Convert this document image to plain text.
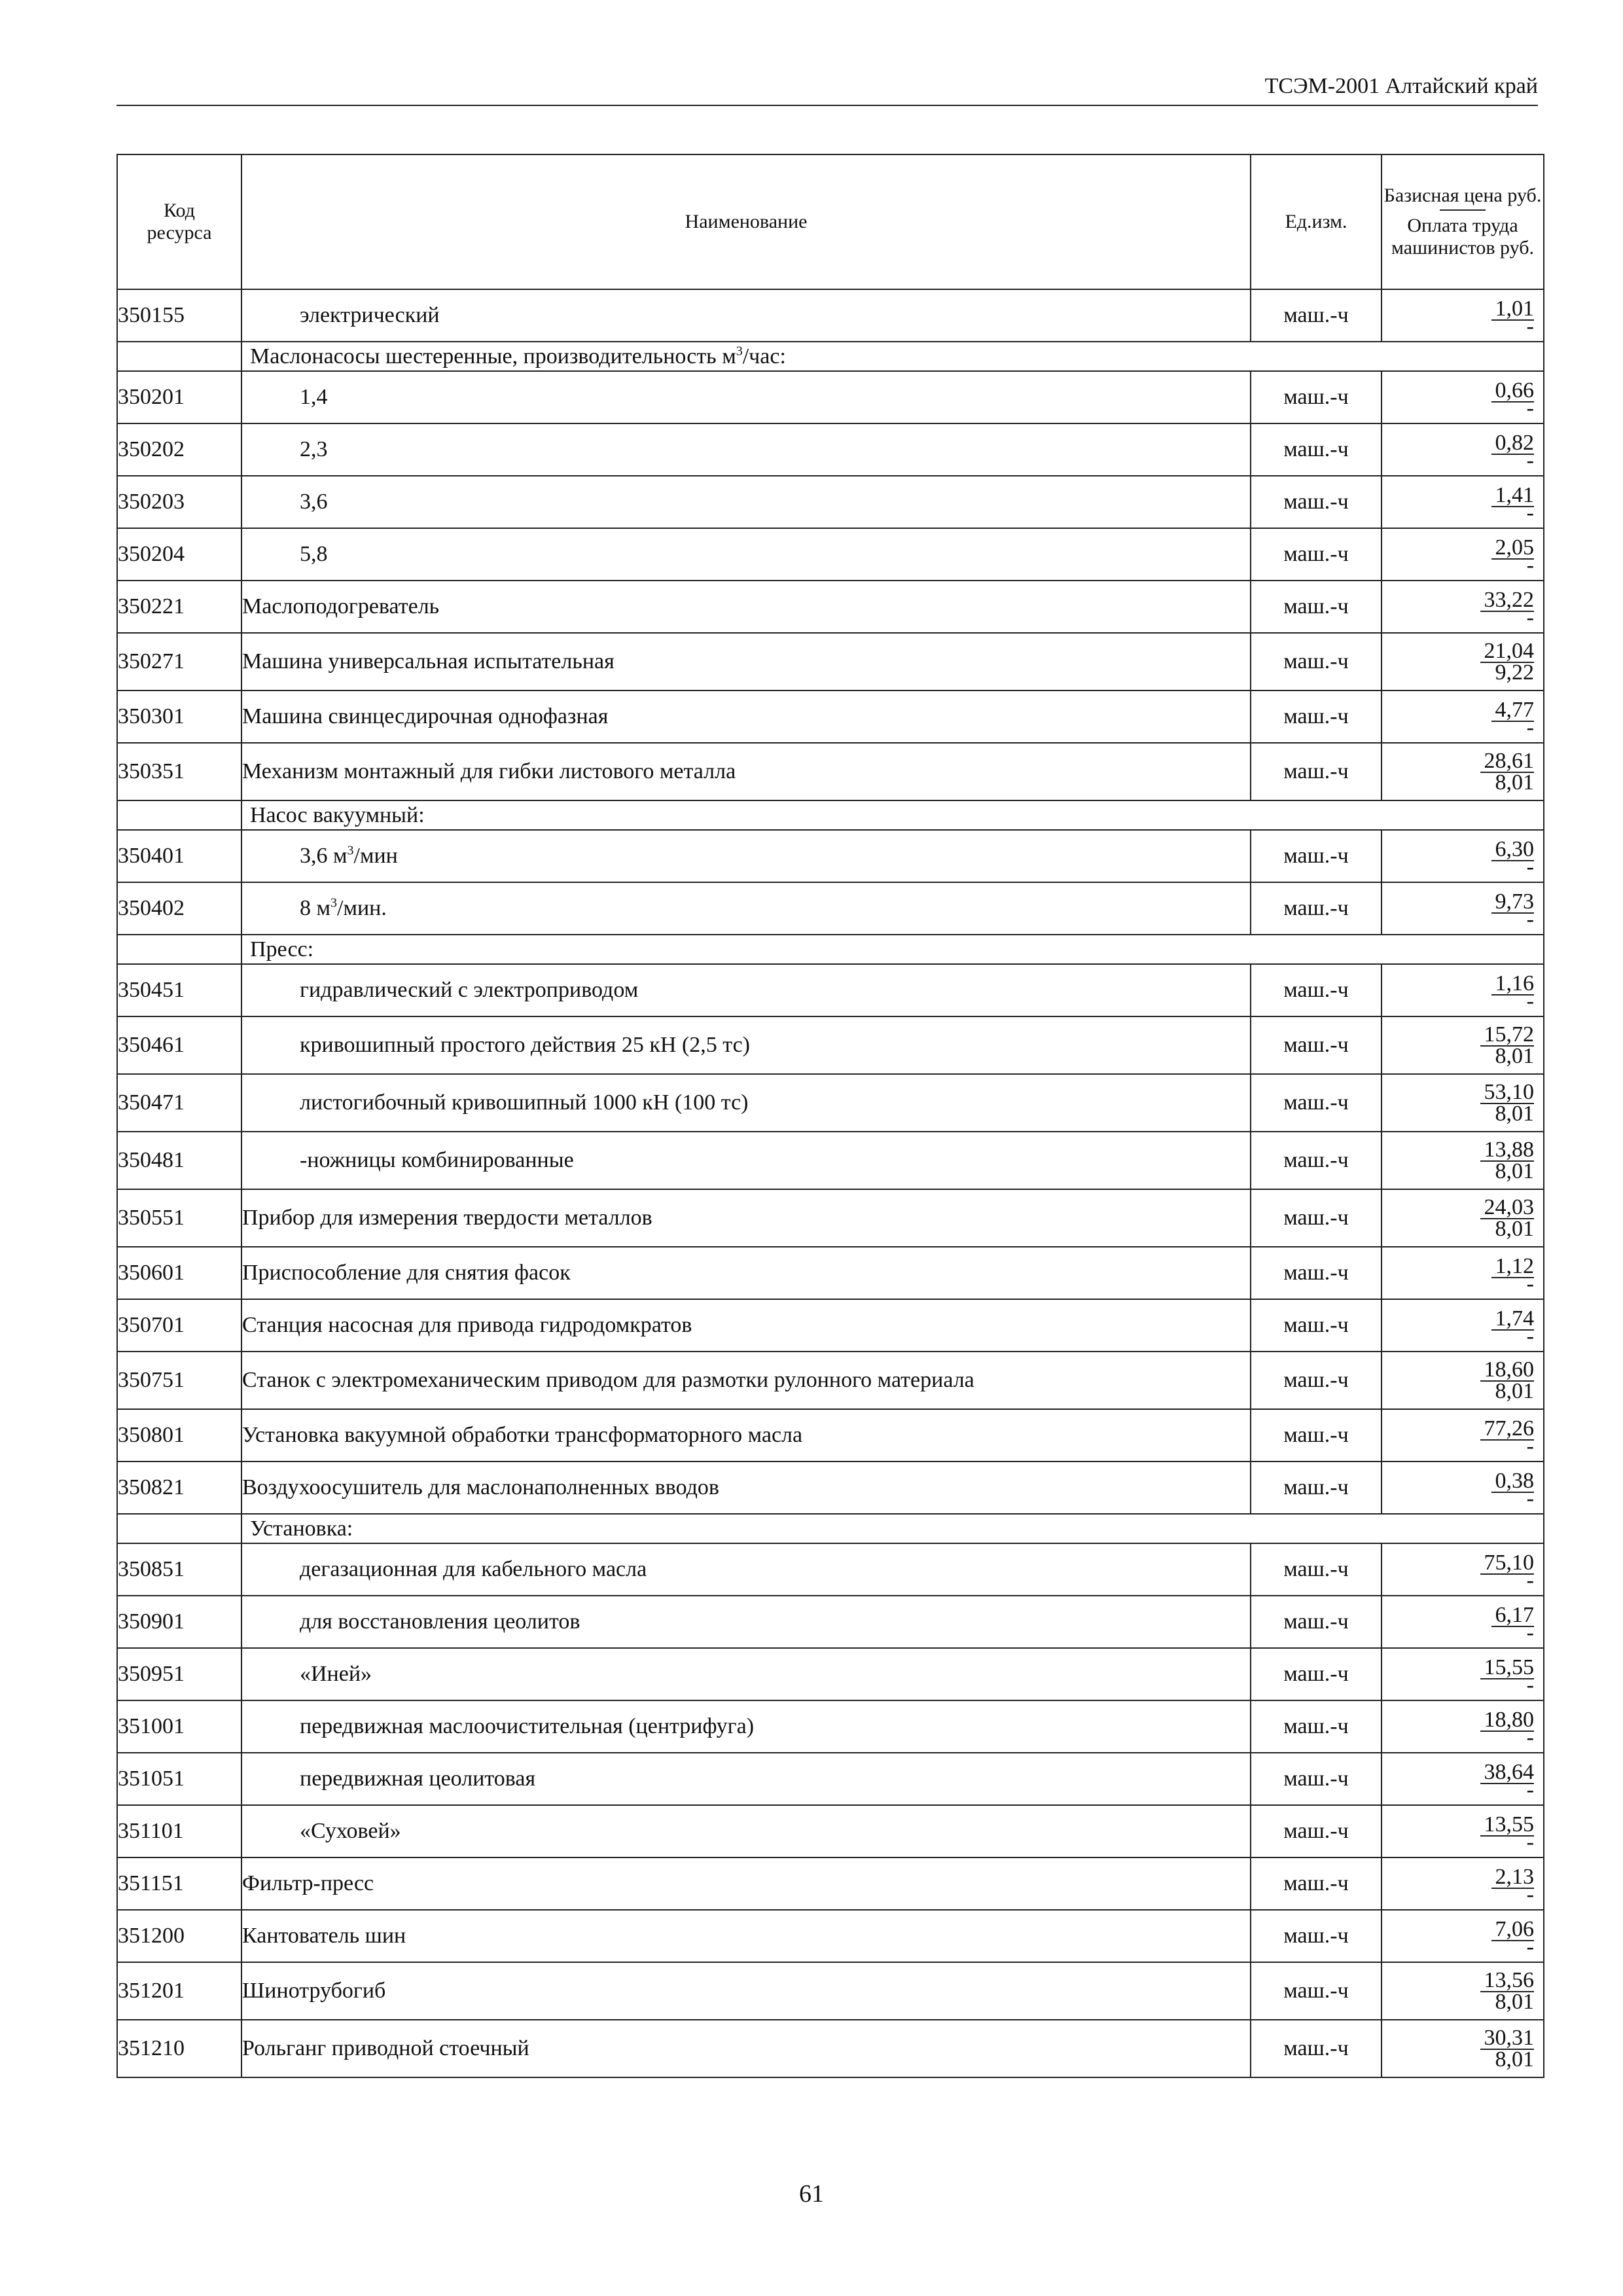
ТСЭМ-2001 Алтайский край
Код
ресурса	Наименование	Ед.изм.	Базисная цена руб.
Оплата труда машинистов руб.

350155	электрический	маш.-ч	1,01
-

	Маслонасосы шестеренные, производительность $м^3$/час:		
350201	1,4	маш.-ч	0,66
-

350202	2,3	маш.-ч	0,82
-

350203	3,6	маш.-ч	1,41
-

350204	5,8	маш.-ч	2,05
-

350221	Маслоподогреватель	маш.-ч	33,22
-

350271	Машина универсальная испытательная	маш.-ч	21,04
9,22

350301	Машина свинцесдирочная однофазная	маш.-ч	4,77
-

350351	Механизм монтажный для гибки листового металла	маш.-ч	28,61
8,01

	Насос вакуумный:		
350401	3,6 $м^3$/мин	маш.-ч	6,30
-

350402	8 $м^3$/мин.	маш.-ч	9,73
-

	Пресс:		
350451	гидравлический с электроприводом	маш.-ч	1,16
-

350461	кривошипный простого действия 25 кН (2,5 тс)	маш.-ч	15,72
8,01

350471	листогибочный кривошипный 1000 кН (100 тс)	маш.-ч	53,10
8,01

350481	-ножницы комбинированные	маш.-ч	13,88
8,01

350551	Прибор для измерения твердости металлов	маш.-ч	24,03
8,01

350601	Приспособление для снятия фасок	маш.-ч	1,12
-

350701	Станция насосная для привода гидродомкратов	маш.-ч	1,74
-

350751	Станок с электромеханическим приводом для размотки рулонного материала	маш.-ч	18,60
8,01

350801	Установка вакуумной обработки трансформаторного масла	маш.-ч	77,26
-

350821	Воздухоосушитель для маслонаполненных вводов	маш.-ч	0,38
-

	Установка:		
350851	дегазационная для кабельного масла	маш.-ч	75,10
-

350901	для восстановления цеолитов	маш.-ч	6,17
-

350951	«Иней»	маш.-ч	15,55
-

351001	передвижная маслоочистительная (центрифуга)	маш.-ч	18,80
-

351051	передвижная цеолитовая	маш.-ч	38,64
-

351101	«Суховей»	маш.-ч	13,55
-

351151	Фильтр-пресс	маш.-ч	2,13
-

351200	Кантователь шин	маш.-ч	7,06
-

351201	Шинотрубогиб	маш.-ч	13,56
8,01

351210	Рольганг приводной стоечный	маш.-ч	30,31
8,01
61
